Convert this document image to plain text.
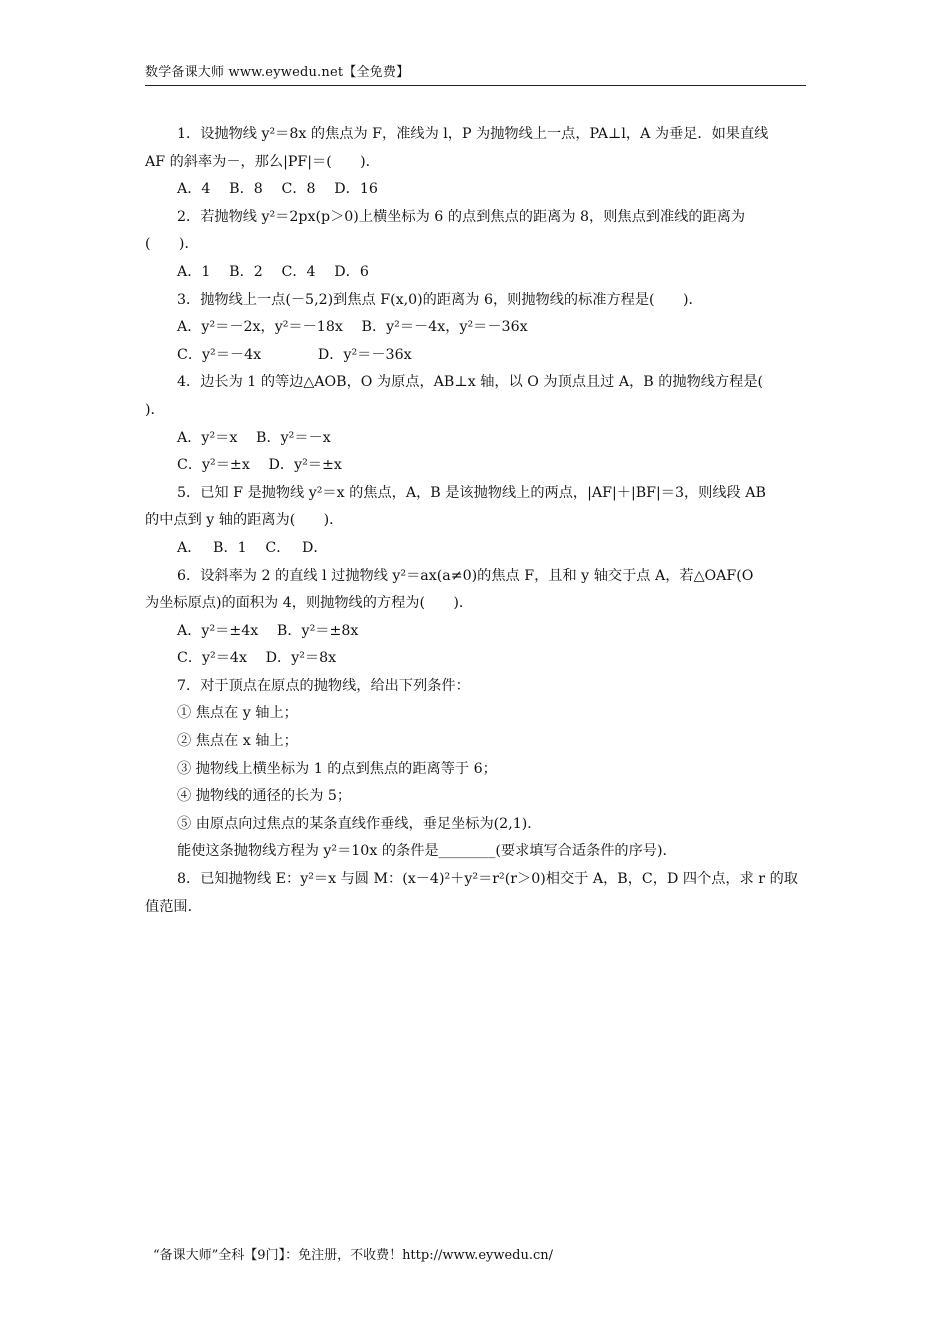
数学备课大师 www.eywedu.net【全免费】

1．设抛物线 y²＝8x 的焦点为 F，准线为 l，P 为抛物线上一点，PA⊥l，A 为垂足．如果直线

AF 的斜率为－，那么|PF|＝(　　)．

A．4　 B．8　 C．8　 D．16

2．若抛物线 y²＝2px(p＞0)上横坐标为 6 的点到焦点的距离为 8，则焦点到准线的距离为

(　　)．

A．1　 B．2　 C．4　 D．6

3．抛物线上一点(－5,2)到焦点 F(x,0)的距离为 6，则抛物线的标准方程是(　　)．

A．y²＝－2x，y²＝－18x　 B．y²＝－4x，y²＝－36x

C．y²＝－4x　　　　D．y²＝－36x

4．边长为 1 的等边△AOB，O 为原点，AB⊥x 轴，以 O 为顶点且过 A，B 的抛物线方程是(

)．

A．y²＝x　 B．y²＝－x

C．y²＝±x　 D．y²＝±x

5．已知 F 是抛物线 y²＝x 的焦点，A，B 是该抛物线上的两点，|AF|＋|BF|＝3，则线段 AB

的中点到 y 轴的距离为(　　)．

A．　 B．1　 C．　 D．

6．设斜率为 2 的直线 l 过抛物线 y²＝ax(a≠0)的焦点 F，且和 y 轴交于点 A，若△OAF(O

为坐标原点)的面积为 4，则抛物线的方程为(　　)．

A．y²＝±4x　 B．y²＝±8x

C．y²＝4x　 D．y²＝8x

7．对于顶点在原点的抛物线，给出下列条件：

① 焦点在 y 轴上；

② 焦点在 x 轴上；

③ 抛物线上横坐标为 1 的点到焦点的距离等于 6；

④ 抛物线的通径的长为 5；

⑤ 由原点向过焦点的某条直线作垂线，垂足坐标为(2,1)．

能使这条抛物线方程为 y²＝10x 的条件是________(要求填写合适条件的序号)．

8．已知抛物线 E：y²＝x 与圆 M：(x－4)²＋y²＝r²(r＞0)相交于 A，B，C，D 四个点，求 r 的取

值范围．

“备课大师”全科【9门】：免注册，不收费！http://www.eywedu.cn/
